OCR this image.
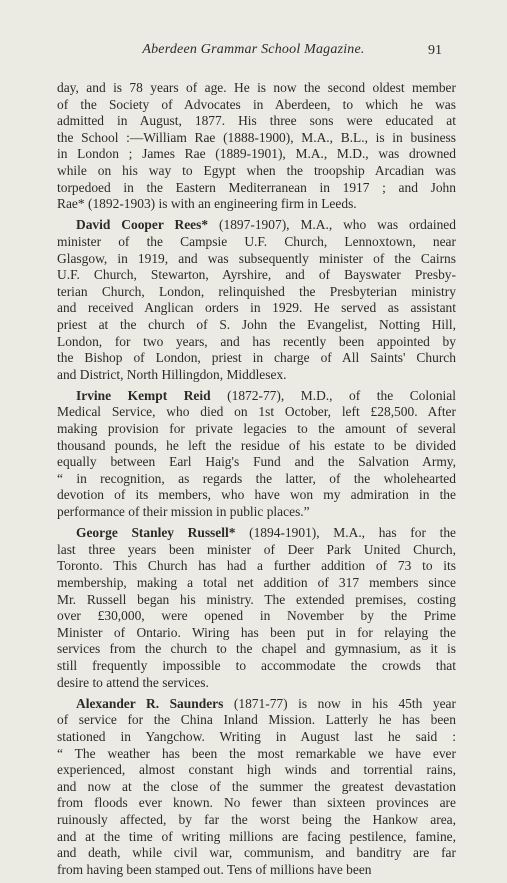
Aberdeen Grammar School Magazine.	91
day, and is 78 years of age. He is now the second oldest member
of the Society of Advocates in Aberdeen, to which he was
admitted in August, 1877. His three sons were educated at
the School :—William Rae (1888-1900), M.A., B.L., is in business
in London ; James Rae (1889-1901), M.A., M.D., was drowned
while on his way to Egypt when the troopship Arcadian was
torpedoed in the Eastern Mediterranean in 1917 ; and John
Rae* (1892-1903) is with an engineering firm in Leeds.
David Cooper Rees* (1897-1907), M.A., who was ordained
minister of the Campsie U.F. Church, Lennoxtown, near
Glasgow, in 1919, and was subsequently minister of the Cairns
U.F. Church, Stewarton, Ayrshire, and of Bayswater Presby-
terian Church, London, relinquished the Presbyterian ministry
and received Anglican orders in 1929. He served as assistant
priest at the church of S. John the Evangelist, Notting Hill,
London, for two years, and has recently been appointed by
the Bishop of London, priest in charge of All Saints' Church
and District, North Hillingdon, Middlesex.
Irvine Kempt Reid (1872-77), M.D., of the Colonial
Medical Service, who died on 1st October, left £28,500. After
making provision for private legacies to the amount of several
thousand pounds, he left the residue of his estate to be divided
equally between Earl Haig's Fund and the Salvation Army,
“ in recognition, as regards the latter, of the wholehearted
devotion of its members, who have won my admiration in the
performance of their mission in public places.”
George Stanley Russell* (1894-1901), M.A., has for the
last three years been minister of Deer Park United Church,
Toronto. This Church has had a further addition of 73 to its
membership, making a total net addition of 317 members since
Mr. Russell began his ministry. The extended premises, costing
over £30,000, were opened in November by the Prime
Minister of Ontario. Wiring has been put in for relaying the
services from the church to the chapel and gymnasium, as it is
still frequently impossible to accommodate the crowds that
desire to attend the services.
Alexander R. Saunders (1871-77) is now in his 45th year
of service for the China Inland Mission. Latterly he has been
stationed in Yangchow. Writing in August last he said :
“ The weather has been the most remarkable we have ever
experienced, almost constant high winds and torrential rains,
and now at the close of the summer the greatest devastation
from floods ever known. No fewer than sixteen provinces are
ruinously affected, by far the worst being the Hankow area,
and at the time of writing millions are facing pestilence, famine,
and death, while civil war, communism, and banditry are far
from having been stamped out. Tens of millions have been
